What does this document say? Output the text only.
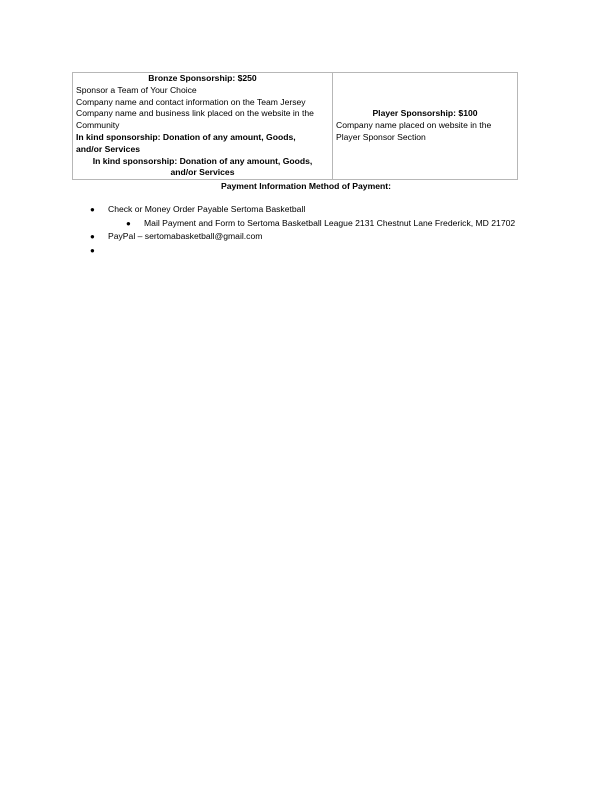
Bronze Sponsorship: $250
Sponsor a Team of Your Choice
Company name and contact information on the Team Jersey
Company name and business link placed on the website in the
Community
In kind sponsorship: Donation of any amount, Goods,
and/or Services
In kind sponsorship: Donation of any amount, Goods,
and/or Services

Player Sponsorship: $100
Company name placed on website in the
Player Sponsor Section
Payment Information Method of Payment:
● Check or Money Order Payable Sertoma Basketball
● Mail Payment and Form to Sertoma Basketball League 2131 Chestnut Lane Frederick, MD 21702
● PayPal – sertomabasketball@gmail.com
●
